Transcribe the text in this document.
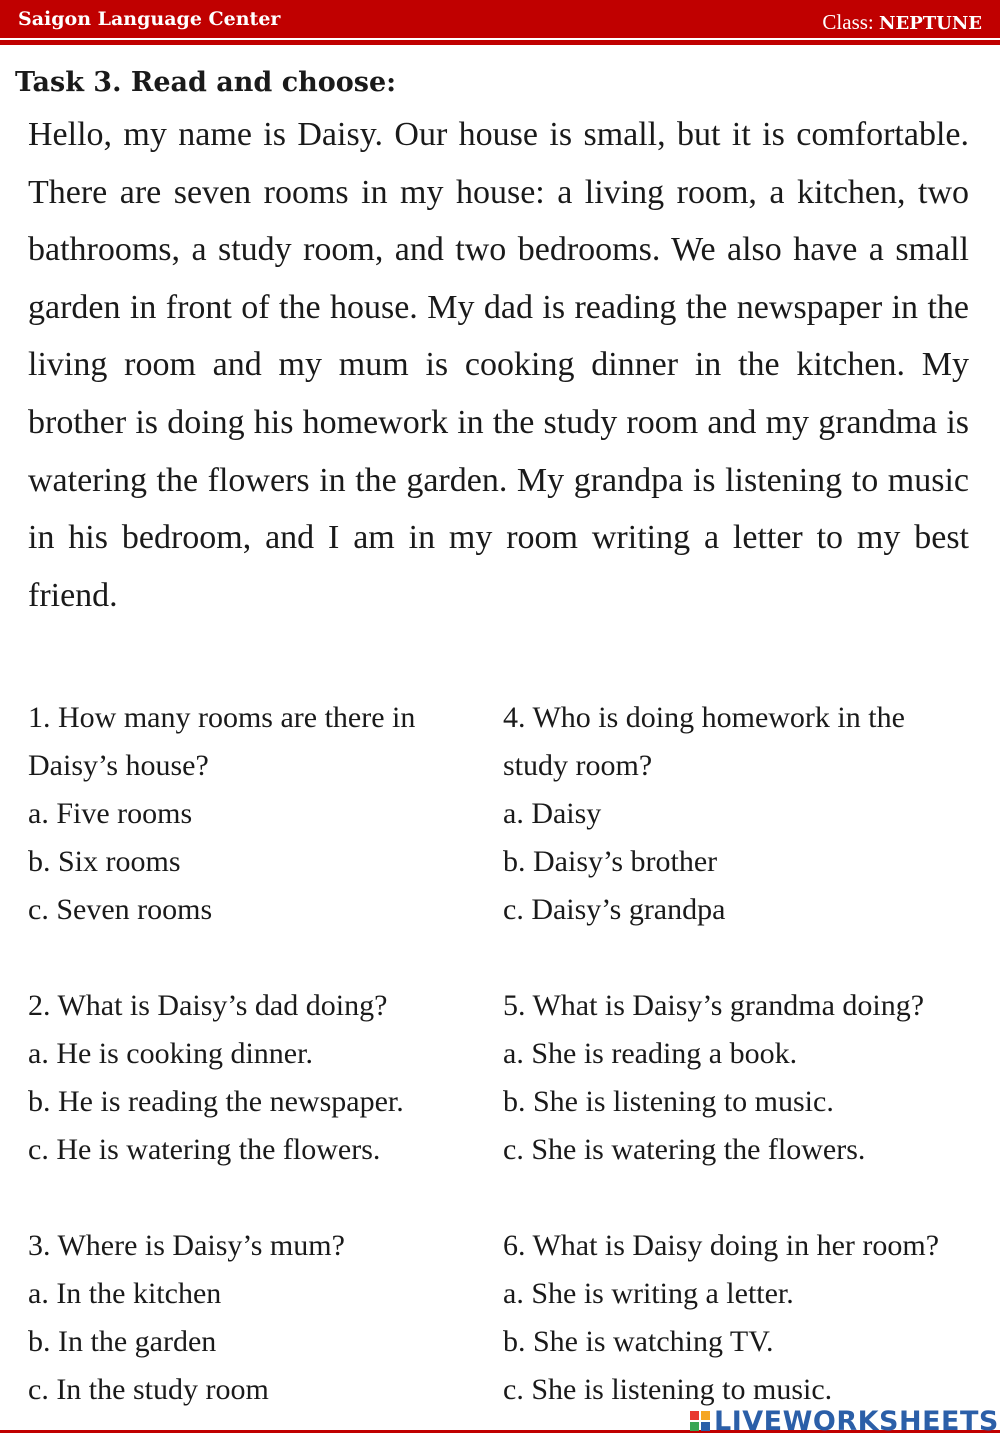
Saigon Language Center	Class: NEPTUNE
Task 3. Read and choose:

Hello, my name is Daisy. Our house is small, but it is comfortable. There are seven rooms in my house: a living room, a kitchen, two bathrooms, a study room, and two bedrooms. We also have a small garden in front of the house. My dad is reading the newspaper in the living room and my mum is cooking dinner in the kitchen. My brother is doing his homework in the study room and my grandma is watering the flowers in the garden. My grandpa is listening to music in his bedroom, and I am in my room writing a letter to my best friend.

1. How many rooms are there in Daisy’s house?

a. Five rooms

b. Six rooms

c. Seven rooms

2. What is Daisy’s dad doing?

a. He is cooking dinner.

b. He is reading the newspaper.

c. He is watering the flowers.

3. Where is Daisy’s mum?

a. In the kitchen

b. In the garden

c. In the study room

4. Who is doing homework in the study room?

a. Daisy

b. Daisy’s brother

c. Daisy’s grandpa

5. What is Daisy’s grandma doing?

a. She is reading a book.

b. She is listening to music.

c. She is watering the flowers.

6. What is Daisy doing in her room?

a. She is writing a letter.

b. She is watching TV.

c. She is listening to music.

LIVEWORKSHEETS
